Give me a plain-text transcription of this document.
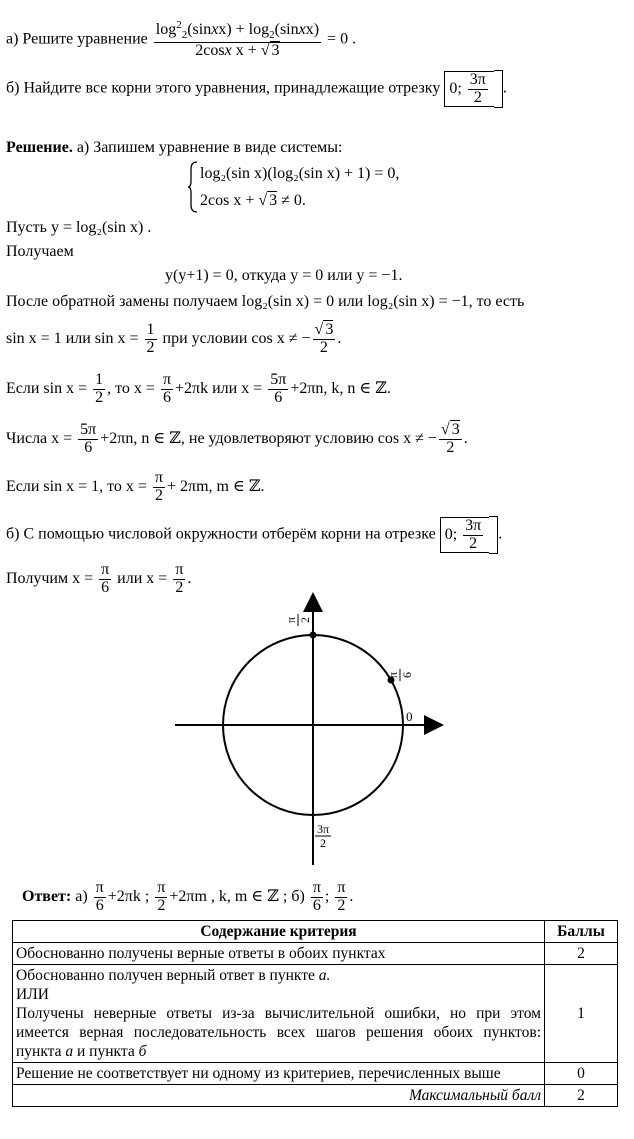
а) Решите уравнение $\frac{\log^2_2(sinxx) + \log_2(sinxx)}{\text{2cosx x + √ 3}} = 0$ .
б) Найдите все корни этого уравнения, принадлежащие отрезку 0; $\frac{3\pi}{2}$ .
Решение. а) Запишем уравнение в виде системы:
log₂(sin x)(log₂(sin x) + 1) = 0,
2cos x + √ 3 ≠ 0.
Пусть y = log₂(sin x) .
Получаем
y(y+1) = 0, откуда y = 0 или y = −1.
После обратной замены получаем log₂(sin x) = 0 или log₂(sin x) = −1, то есть
sin x = 1 или $\sin x = \frac{1}{2}$ при условии cos x ≠ − $\frac{√ 3}{2}$ .
Если $\sin x = \frac{1}{2}$ , то $x = \frac{\pi}{6} +2\pi k$ или $x = \frac{5\pi}{6} +2\pi n$, k, n ∈ ℤ.
Числа $x = \frac{5\pi}{6} +2\pi n$, n ∈ ℤ, не удовлетворяют условию cos x ≠ − $\frac{√ 3}{2}$ .
Если sin x = 1, то $x = \frac{\pi}{2} + 2\pi m$, m ∈ ℤ.
б) С помощью числовой окружности отберём корни на отрезке 0; $\frac{3\pi}{2}$ .
Получим $x = \frac{\pi}{6}$ или $x = \frac{\pi}{2}$ .
π 2
π 6
0
3π
2
Ответ: $а) \frac{\pi}{6} +2\pi k$ ; $\frac{\pi}{2} +2\pi m$ , k, m ∈ ℤ ; $б) \frac{\pi}{6}$ ; $\frac{\pi}{2}$ .
Содержание критерия	Баллы
Обоснованно получены верные ответы в обоих пунктах	2
Обоснованно получен верный ответ в пункте а.
ИЛИ
Получены неверные ответы из-за вычислительной ошибки, но при этом имеется верная последовательность всех шагов решения обоих пунктов: пункта а и пункта б	1
Решение не соответствует ни одному из критериев, перечисленных выше	0
Максимальный балл	2
